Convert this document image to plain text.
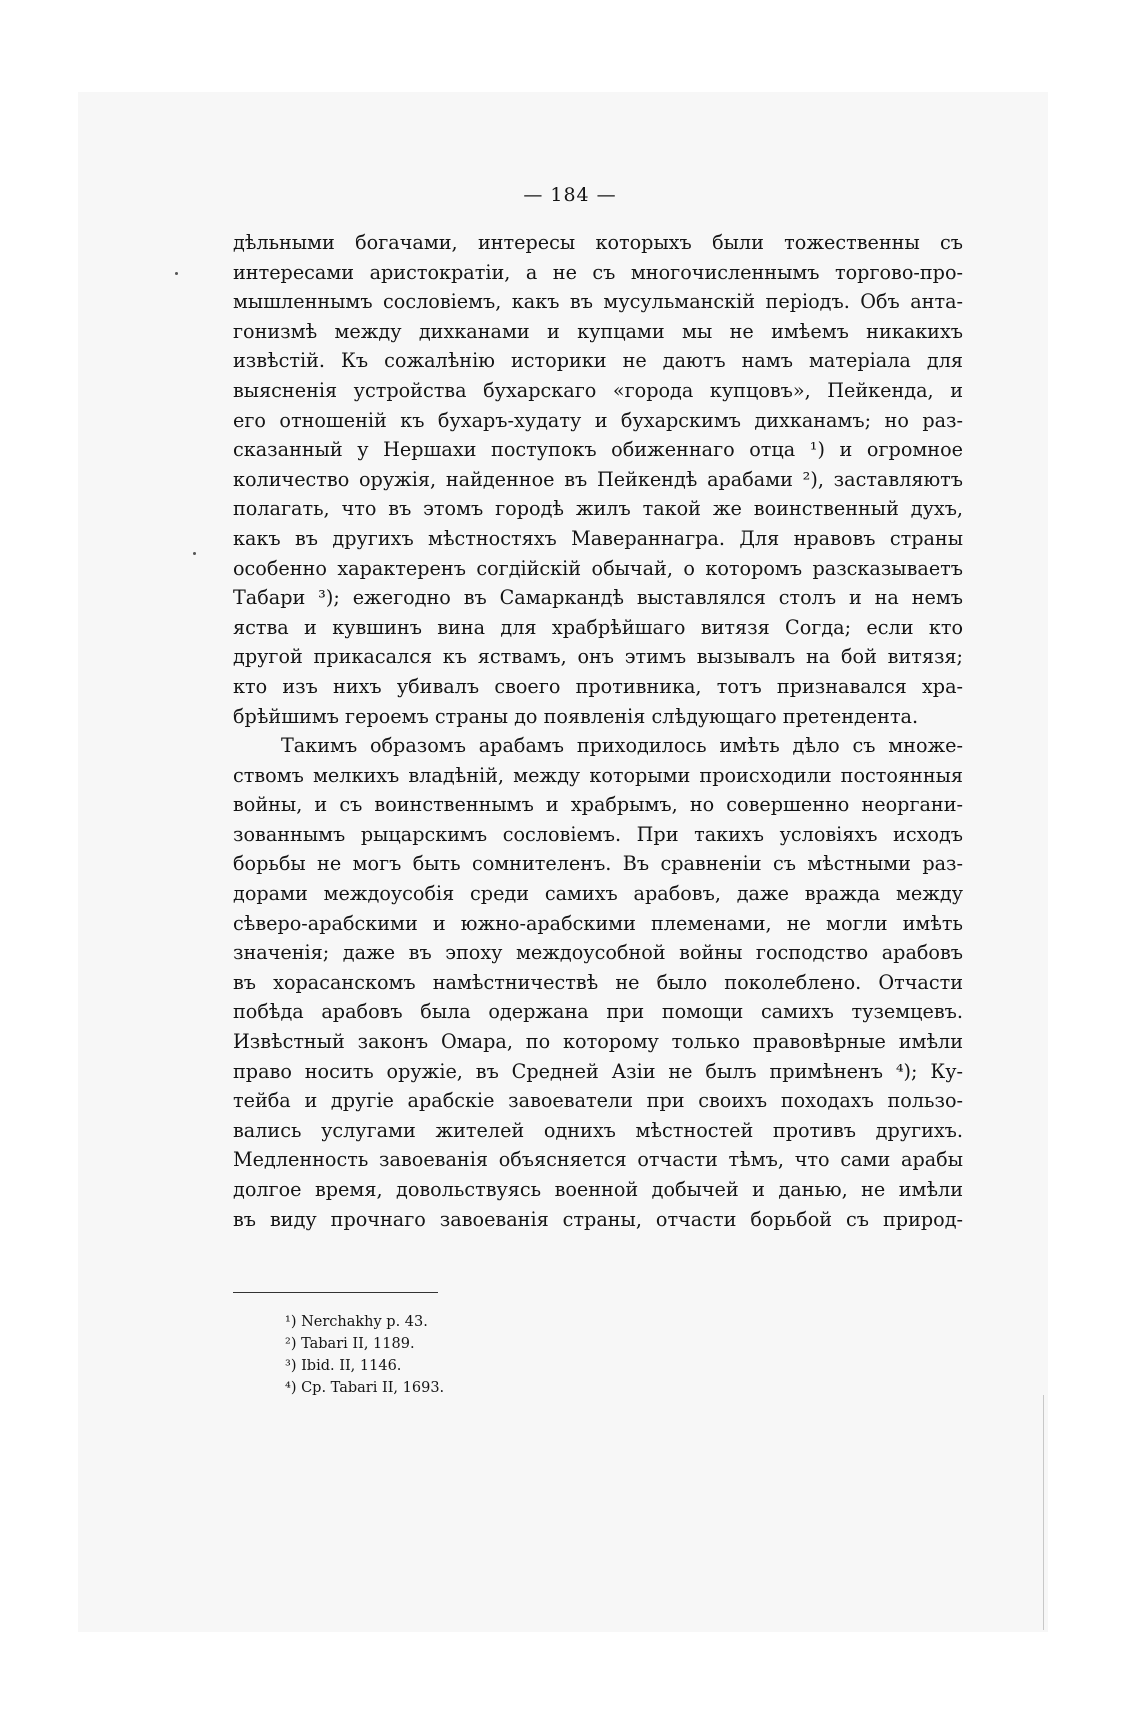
— 184 —
дѣльными богачами, интересы которыхъ были тожественны съ
интересами аристократіи, а не съ многочисленнымъ торгово-про-
мышленнымъ сословіемъ, какъ въ мусульманскій періодъ. Объ анта-
гонизмѣ между дихканами и купцами мы не имѣемъ никакихъ
извѣстій. Къ сожалѣнію историки не даютъ намъ матеріала для
выясненія устройства бухарскаго «города купцовъ», Пейкенда, и
его отношеній къ бухаръ-худату и бухарскимъ дихканамъ; но раз-
сказанный у Нершахи поступокъ обиженнаго отца ¹) и огромное
количество оружія, найденное въ Пейкендѣ арабами ²), заставляютъ
полагать, что въ этомъ городѣ жилъ такой же воинственный духъ,
какъ въ другихъ мѣстностяхъ Мавераннагра. Для нравовъ страны
особенно характеренъ согдійскій обычай, о которомъ разсказываетъ
Табари ³); ежегодно въ Самаркандѣ выставлялся столъ и на немъ
яства и кувшинъ вина для храбрѣйшаго витязя Согда; если кто
другой прикасался къ яствамъ, онъ этимъ вызывалъ на бой витязя;
кто изъ нихъ убивалъ своего противника, тотъ признавался хра-
брѣйшимъ героемъ страны до появленія слѣдующаго претендента.
Такимъ образомъ арабамъ приходилось имѣть дѣло съ множе-
ствомъ мелкихъ владѣній, между которыми происходили постоянныя
войны, и съ воинственнымъ и храбрымъ, но совершенно неоргани-
зованнымъ рыцарскимъ сословіемъ. При такихъ условіяхъ исходъ
борьбы не могъ быть сомнителенъ. Въ сравненіи съ мѣстными раз-
дорами междоусобія среди самихъ арабовъ, даже вражда между
сѣверо-арабскими и южно-арабскими племенами, не могли имѣть
значенія; даже въ эпоху междоусобной войны господство арабовъ
въ хорасанскомъ намѣстничествѣ не было поколеблено. Отчасти
побѣда арабовъ была одержана при помощи самихъ туземцевъ.
Извѣстный законъ Омара, по которому только правовѣрные имѣли
право носить оружіе, въ Средней Азіи не былъ примѣненъ ⁴); Ку-
тейба и другіе арабскіе завоеватели при своихъ походахъ пользо-
вались услугами жителей однихъ мѣстностей противъ другихъ.
Медленность завоеванія объясняется отчасти тѣмъ, что сами арабы
долгое время, довольствуясь военной добычей и данью, не имѣли
въ виду прочнаго завоеванія страны, отчасти борьбой съ природ-
¹) Nerchakhy p. 43.
²) Tabari II, 1189.
³) Ibid. II, 1146.
⁴) Cp. Tabari II, 1693.
